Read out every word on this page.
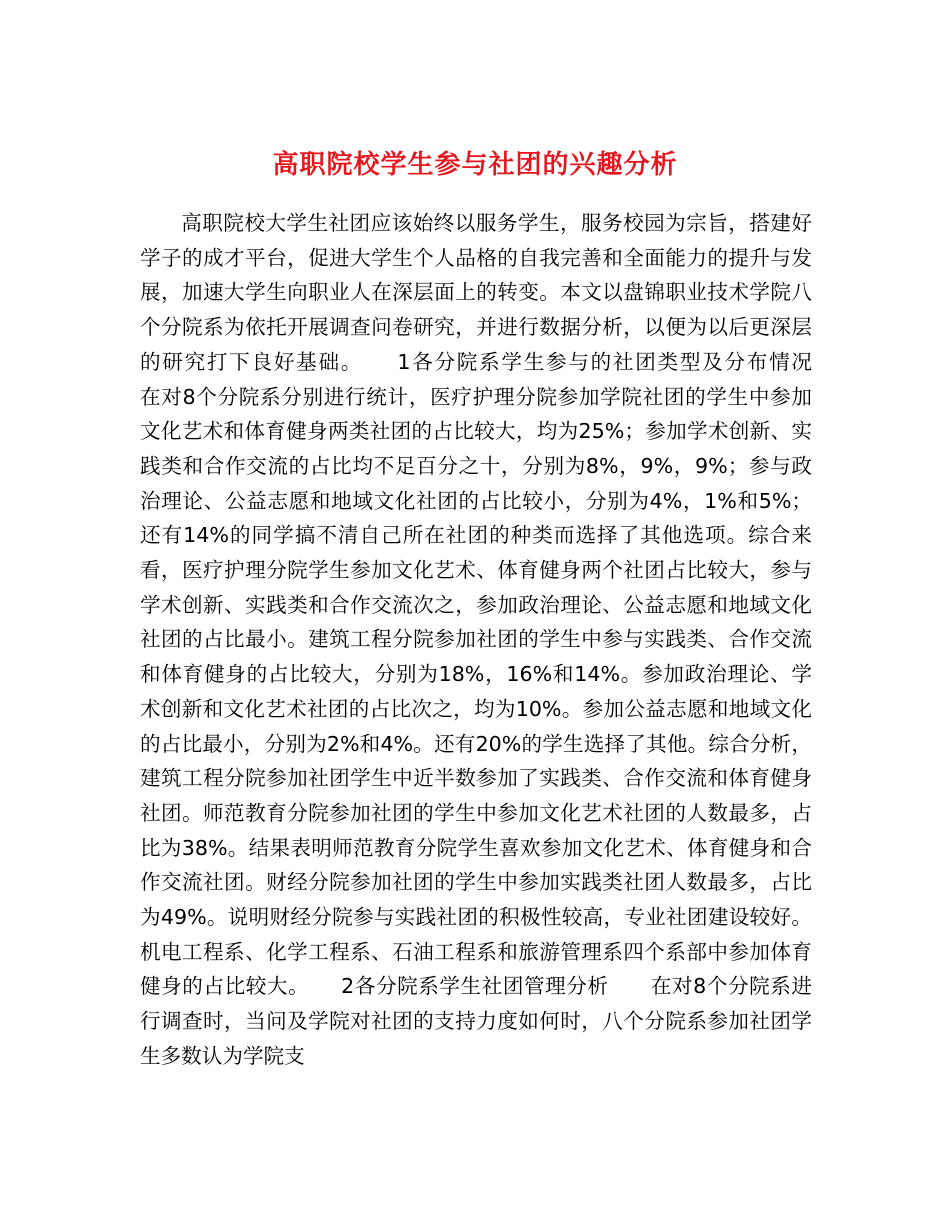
高职院校学生参与社团的兴趣分析

高职院校大学生社团应该始终以服务学生，服务校园为宗旨，搭建好学子的成才平台，促进大学生个人品格的自我完善和全面能力的提升与发展，加速大学生向职业人在深层面上的转变。本文以盘锦职业技术学院八个分院系为依托开展调查问卷研究，并进行数据分析，以便为以后更深层的研究打下良好基础。　　1各分院系学生参与的社团类型及分布情况　　在对8个分院系分别进行统计，医疗护理分院参加学院社团的学生中参加文化艺术和体育健身两类社团的占比较大，均为25%；参加学术创新、实践类和合作交流的占比均不足百分之十，分别为8%，9%，9%；参与政治理论、公益志愿和地域文化社团的占比较小，分别为4%，1%和5%；还有14%的同学搞不清自己所在社团的种类而选择了其他选项。综合来看，医疗护理分院学生参加文化艺术、体育健身两个社团占比较大，参与学术创新、实践类和合作交流次之，参加政治理论、公益志愿和地域文化社团的占比最小。建筑工程分院参加社团的学生中参与实践类、合作交流和体育健身的占比较大，分别为18%，16%和14%。参加政治理论、学术创新和文化艺术社团的占比次之，均为10%。参加公益志愿和地域文化的占比最小，分别为2%和4%。还有20%的学生选择了其他。综合分析，建筑工程分院参加社团学生中近半数参加了实践类、合作交流和体育健身社团。师范教育分院参加社团的学生中参加文化艺术社团的人数最多，占比为38%。结果表明师范教育分院学生喜欢参加文化艺术、体育健身和合作交流社团。财经分院参加社团的学生中参加实践类社团人数最多，占比为49%。说明财经分院参与实践社团的积极性较高，专业社团建设较好。机电工程系、化学工程系、石油工程系和旅游管理系四个系部中参加体育健身的占比较大。　　2各分院系学生社团管理分析　　在对8个分院系进行调查时，当问及学院对社团的支持力度如何时，八个分院系参加社团学生多数认为学院支
